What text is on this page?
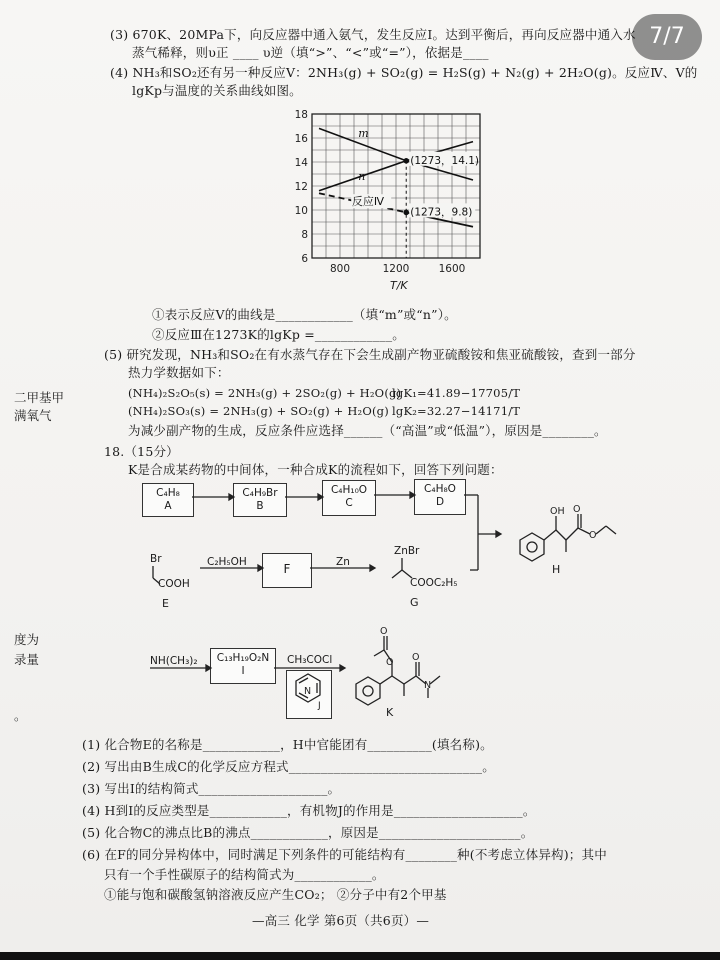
7/7
二甲基甲
满氧气
度为
录量
。
(3) 670K、20MPa下，向反应器中通入氨气，发生反应Ⅰ。达到平衡后，再向反应器中通入水
蒸气稀释，则υ正 ____ υ逆（填“>”、“<”或“=”），依据是____
(4) NH₃和SO₂还有另一种反应Ⅴ：2NH₃(g) + SO₂(g) = H₂S(g) + N₂(g) + 2H₂O(g)。反应Ⅳ、Ⅴ的
lgKp与温度的关系曲线如图。
6
8
10
12
14
16
18
800	1200	1600
m
n
反应Ⅳ
(1273，14.1)
(1273，9.8)
T/K
①表示反应Ⅴ的曲线是____________（填“m”或“n”）。
②反应Ⅲ在1273K的lgKp =____________。
(5) 研究发现，NH₃和SO₂在有水蒸气存在下会生成副产物亚硫酸铵和焦亚硫酸铵，查到一部分
热力学数据如下：
(NH₄)₂S₂O₅(s) = 2NH₃(g) + 2SO₂(g) + H₂O(g)
lgK₁=41.89−17705/T
(NH₄)₂SO₃(s) = 2NH₃(g) + SO₂(g) + H₂O(g) lgK₂=32.27−14171/T
为减少副产物的生成，反应条件应选择______（“高温”或“低温”），原因是________。
18.（15分）
K是合成某药物的中间体，一种合成K的流程如下，回答下列问题：
C₄H₈
A
C₄H₉Br
B
C₄H₁₀O
C
C₄H₈O
D
Br
COOH
E
C₂H₅OH	F	Zn
ZnBr
COOC₂H₅
G
H
NH(CH₃)₂	C₁₃H₁₉O₂N
I
CH₃COCl
J	K
OH O
O
N
O
O O
N
(1) 化合物E的名称是____________，H中官能团有__________(填名称)。
(2) 写出由B生成C的化学反应方程式______________________________。
(3) 写出I的结构简式____________________。
(4) H到I的反应类型是____________，有机物J的作用是____________________。
(5) 化合物C的沸点比B的沸点____________，原因是______________________。
(6) 在F的同分异构体中，同时满足下列条件的可能结构有________种(不考虑立体异构)；其中
只有一个手性碳原子的结构简式为____________。
①能与饱和碳酸氢钠溶液反应产生CO₂； ②分子中有2个甲基
—高三 化学 第6页（共6页）—
